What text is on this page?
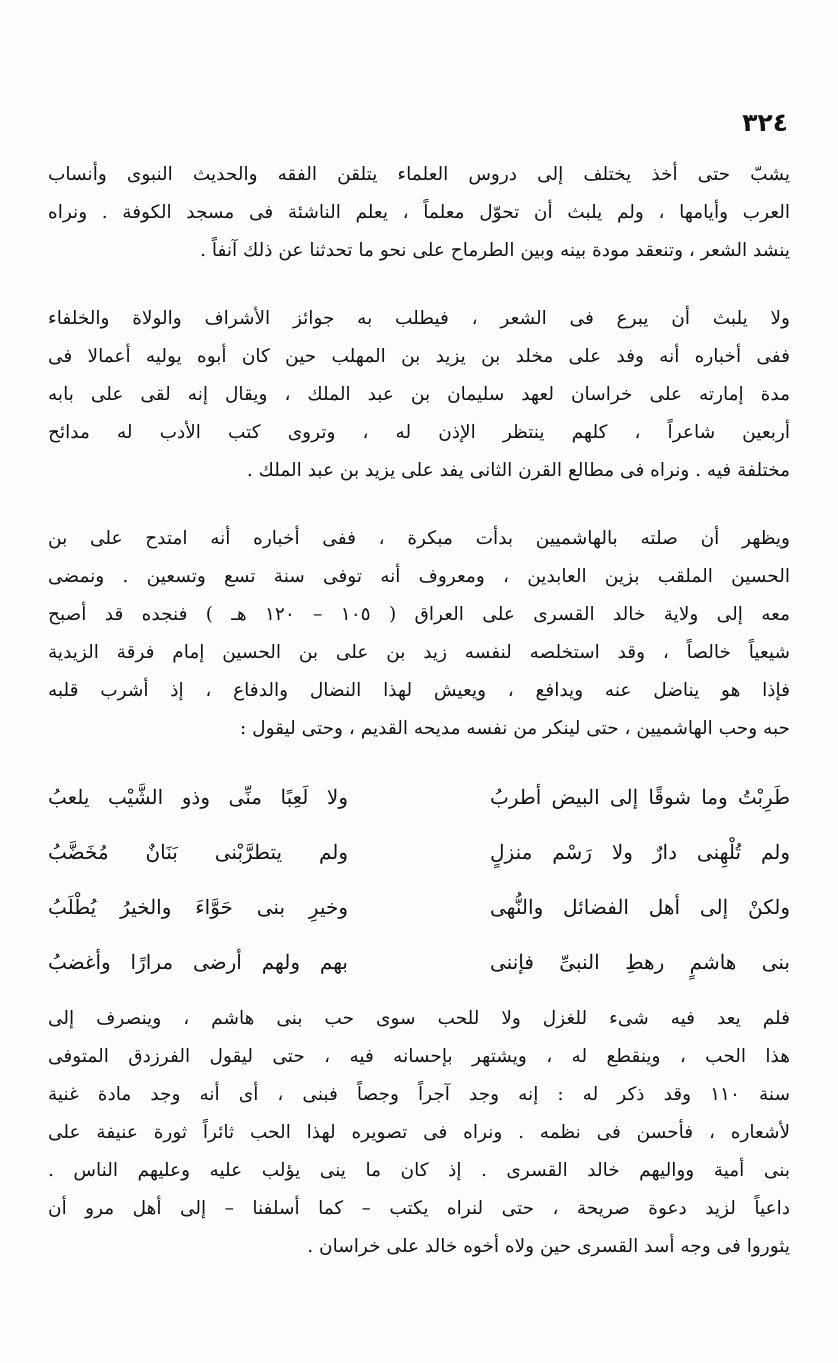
٣٢٤
يشبّ حتى أخذ يختلف إلى دروس العلماء يتلقن الفقه والحديث النبوى وأنساب
العرب وأيامها ، ولم يلبث أن تحوّل معلماً ، يعلم الناشئة فى مسجد الكوفة . ونراه
ينشد الشعر ، وتنعقد مودة بينه وبين الطرماح على نحو ما تحدثنا عن ذلك آنفاً .
ولا يلبث أن يبرع فى الشعر ، فيطلب به جوائز الأشراف والولاة والخلفاء
ففى أخباره أنه وفد على مخلد بن يزيد بن المهلب حين كان أبوه يوليه أعمالا فى
مدة إمارته على خراسان لعهد سليمان بن عبد الملك ، ويقال إنه لقى على بابه
أربعين شاعراً ، كلهم ينتظر الإذن له ، وتروى كتب الأدب له مدائح
مختلفة فيه . ونراه فى مطالع القرن الثانى يفد على يزيد بن عبد الملك .
ويظهر أن صلته بالهاشميين بدأت مبكرة ، ففى أخباره أنه امتدح على بن
الحسين الملقب بزين العابدين ، ومعروف أنه توفى سنة تسع وتسعين . ونمضى
معه إلى ولاية خالد القسرى على العراق ( ١٠٥ – ١٢٠ هـ ) فنجده قد أصبح
شيعياً خالصاً ، وقد استخلصه لنفسه زيد بن على بن الحسين إمام فرقة الزيدية
فإذا هو يناضل عنه ويدافع ، ويعيش لهذا النضال والدفاع ، إذ أشرب قلبه
حبه وحب الهاشميين ، حتى لينكر من نفسه مديحه القديم ، وحتى ليقول :
طَرِبْتُ وما شوقًا إلى البيض أطربُ
ولا لَعِبًا منِّى وذو الشَّيْب يلعبُ
ولم تُلْهِنى دارٌ ولا رَسْم منزلٍ
ولم يتطرَّبْنى بَنَانٌ مُخَضَّبُ
ولكنْ إلى أهل الفضائل والنُّهى
وخيرِ بنى حَوَّاءَ والخيرُ يُطْلَبُ
بنى هاشمٍ رهطِ النبىِّ فإننى
بهم ولهم أرضى مرارًا وأغضبُ
فلم يعد فيه شىء للغزل ولا للحب سوى حب بنى هاشم ، وينصرف إلى
هذا الحب ، وينقطع له ، ويشتهر بإحسانه فيه ، حتى ليقول الفرزدق المتوفى
سنة ١١٠ وقد ذكر له : إنه وجد آجراً وجصاً فبنى ، أى أنه وجد مادة غنية
لأشعاره ، فأحسن فى نظمه . ونراه فى تصويره لهذا الحب ثائراً ثورة عنيفة على
بنى أمية وواليهم خالد القسرى . إذ كان ما ينى يؤلب عليه وعليهم الناس .
داعياً لزيد دعوة صريحة ، حتى لنراه يكتب – كما أسلفنا – إلى أهل مرو أن
يثوروا فى وجه أسد القسرى حين ولاه أخوه خالد على خراسان .
